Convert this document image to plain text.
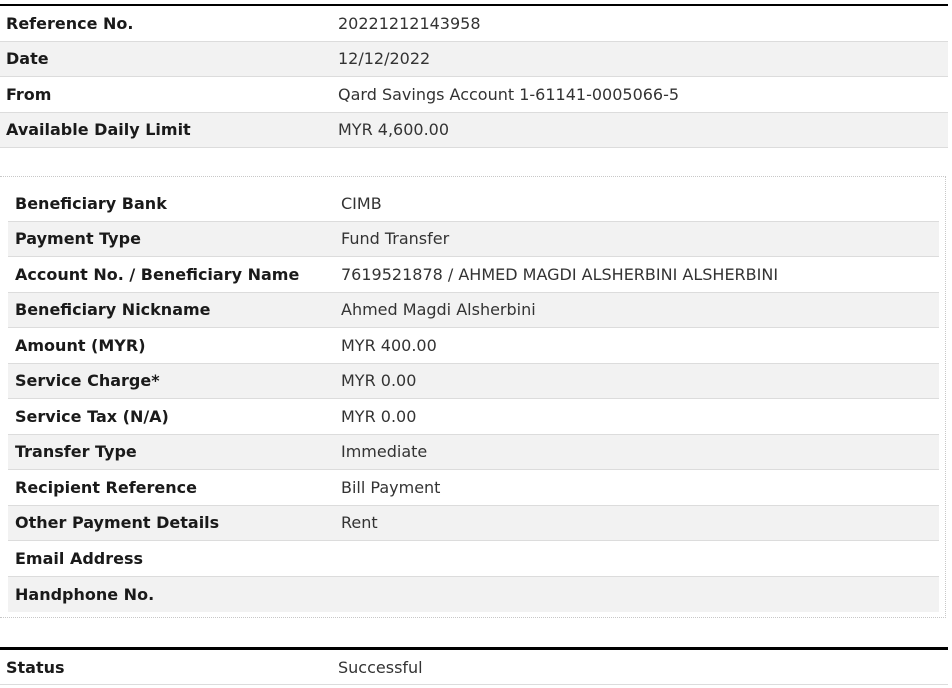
Reference No.	20221212143958
Date	12/12/2022
From	Qard Savings Account 1-61141-0005066-5
Available Daily Limit	MYR 4,600.00
Beneficiary Bank	CIMB
Payment Type	Fund Transfer
Account No. / Beneficiary Name	7619521878 / AHMED MAGDI ALSHERBINI ALSHERBINI
Beneficiary Nickname	Ahmed Magdi Alsherbini
Amount (MYR)	MYR 400.00
Service Charge*	MYR 0.00
Service Tax (N/A)	MYR 0.00
Transfer Type	Immediate
Recipient Reference	Bill Payment
Other Payment Details	Rent
Email Address
Handphone No.
Status	Successful
